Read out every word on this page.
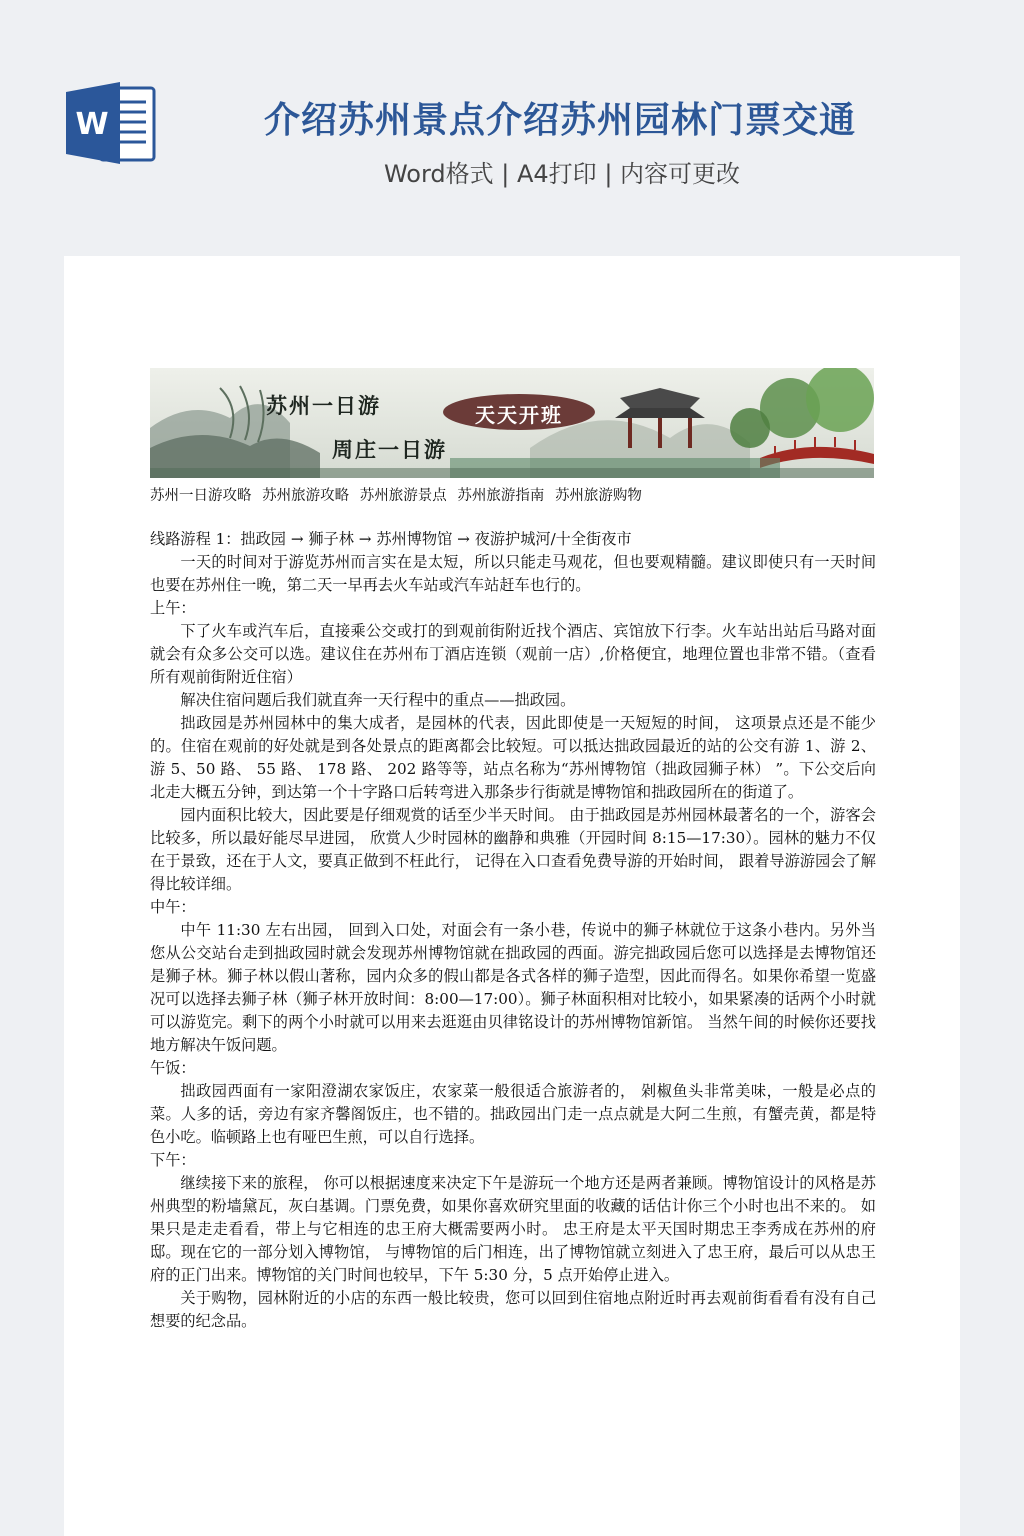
W	介绍苏州景点介绍苏州园林门票交通
Word格式 | A4打印 | 内容可更改
苏州一日游
周庄一日游
天天开班
苏州一日游攻略 苏州旅游攻略 苏州旅游景点 苏州旅游指南 苏州旅游购物

线路游程 1：拙政园 → 狮子林 → 苏州博物馆 → 夜游护城河/十全街夜市

一天的时间对于游览苏州而言实在是太短，所以只能走马观花，但也要观精髓。建议即使只有一天时间也要在苏州住一晚，第二天一早再去火车站或汽车站赶车也行的。

上午：

下了火车或汽车后，直接乘公交或打的到观前街附近找个酒店、宾馆放下行李。火车站出站后马路对面就会有众多公交可以选。建议住在苏州布丁酒店连锁（观前一店）,价格便宜，地理位置也非常不错。（查看所有观前街附近住宿）

解决住宿问题后我们就直奔一天行程中的重点——拙政园。

拙政园是苏州园林中的集大成者，是园林的代表，因此即使是一天短短的时间， 这项景点还是不能少的。住宿在观前的好处就是到各处景点的距离都会比较短。可以抵达拙政园最近的站的公交有游 1、游 2、游 5、50 路、 55 路、 178 路、 202 路等等，站点名称为“苏州博物馆（拙政园狮子林） ”。下公交后向北走大概五分钟，到达第一个十字路口后转弯进入那条步行街就是博物馆和拙政园所在的街道了。

园内面积比较大，因此要是仔细观赏的话至少半天时间。 由于拙政园是苏州园林最著名的一个，游客会比较多，所以最好能尽早进园， 欣赏人少时园林的幽静和典雅（开园时间 8:15—17:30）。园林的魅力不仅在于景致，还在于人文，要真正做到不枉此行， 记得在入口查看免费导游的开始时间， 跟着导游游园会了解得比较详细。

中午：

中午 11:30 左右出园， 回到入口处，对面会有一条小巷，传说中的狮子林就位于这条小巷内。另外当您从公交站台走到拙政园时就会发现苏州博物馆就在拙政园的西面。游完拙政园后您可以选择是去博物馆还是狮子林。狮子林以假山著称，园内众多的假山都是各式各样的狮子造型，因此而得名。如果你希望一览盛况可以选择去狮子林（狮子林开放时间：8:00—17:00）。狮子林面积相对比较小，如果紧凑的话两个小时就可以游览完。剩下的两个小时就可以用来去逛逛由贝律铭设计的苏州博物馆新馆。 当然午间的时候你还要找地方解决午饭问题。

午饭：

拙政园西面有一家阳澄湖农家饭庄，农家菜一般很适合旅游者的， 剁椒鱼头非常美味，一般是必点的菜。人多的话，旁边有家齐馨阁饭庄，也不错的。拙政园出门走一点点就是大阿二生煎，有蟹壳黄，都是特色小吃。临顿路上也有哑巴生煎，可以自行选择。

下午：

继续接下来的旅程， 你可以根据速度来决定下午是游玩一个地方还是两者兼顾。博物馆设计的风格是苏州典型的粉墙黛瓦，灰白基调。门票免费，如果你喜欢研究里面的收藏的话估计你三个小时也出不来的。 如果只是走走看看，带上与它相连的忠王府大概需要两小时。 忠王府是太平天国时期忠王李秀成在苏州的府邸。现在它的一部分划入博物馆， 与博物馆的后门相连，出了博物馆就立刻进入了忠王府，最后可以从忠王府的正门出来。博物馆的关门时间也较早，下午 5:30 分，5 点开始停止进入。

关于购物，园林附近的小店的东西一般比较贵，您可以回到住宿地点附近时再去观前街看看有没有自己想要的纪念品。
